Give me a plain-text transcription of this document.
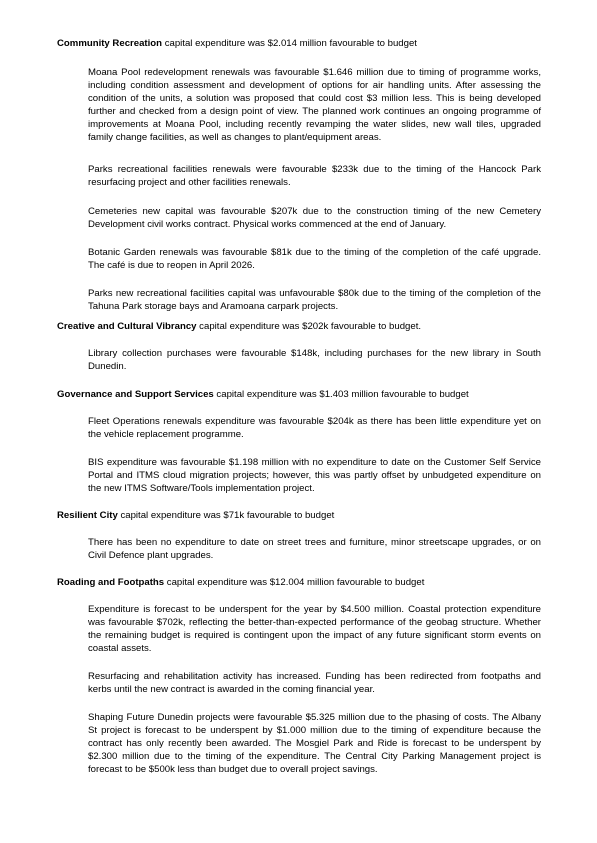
Community Recreation capital expenditure was $2.014 million favourable to budget
Moana Pool redevelopment renewals was favourable $1.646 million due to timing of programme works, including condition assessment and development of options for air handling units. After assessing the condition of the units, a solution was proposed that could cost $3 million less. This is being developed further and checked from a design point of view. The planned work continues an ongoing programme of improvements at Moana Pool, including recently revamping the water slides, new wall tiles, upgraded family change facilities, as well as changes to plant/equipment areas.
Parks recreational facilities renewals were favourable $233k due to the timing of the Hancock Park resurfacing project and other facilities renewals.
Cemeteries new capital was favourable $207k due to the construction timing of the new Cemetery Development civil works contract. Physical works commenced at the end of January.
Botanic Garden renewals was favourable $81k due to the timing of the completion of the café upgrade. The café is due to reopen in April 2026.
Parks new recreational facilities capital was unfavourable $80k due to the timing of the completion of the Tahuna Park storage bays and Aramoana carpark projects.
Creative and Cultural Vibrancy capital expenditure was $202k favourable to budget.
Library collection purchases were favourable $148k, including purchases for the new library in South Dunedin.
Governance and Support Services capital expenditure was $1.403 million favourable to budget
Fleet Operations renewals expenditure was favourable $204k as there has been little expenditure yet on the vehicle replacement programme.
BIS expenditure was favourable $1.198 million with no expenditure to date on the Customer Self Service Portal and ITMS cloud migration projects; however, this was partly offset by unbudgeted expenditure on the new ITMS Software/Tools implementation project.
Resilient City capital expenditure was $71k favourable to budget
There has been no expenditure to date on street trees and furniture, minor streetscape upgrades, or on Civil Defence plant upgrades.
Roading and Footpaths capital expenditure was $12.004 million favourable to budget
Expenditure is forecast to be underspent for the year by $4.500 million. Coastal protection expenditure was favourable $702k, reflecting the better-than-expected performance of the geobag structure. Whether the remaining budget is required is contingent upon the impact of any future significant storm events on coastal assets.
Resurfacing and rehabilitation activity has increased. Funding has been redirected from footpaths and kerbs until the new contract is awarded in the coming financial year.
Shaping Future Dunedin projects were favourable $5.325 million due to the phasing of costs. The Albany St project is forecast to be underspent by $1.000 million due to the timing of expenditure because the contract has only recently been awarded. The Mosgiel Park and Ride is forecast to be underspent by $2.300 million due to the timing of the expenditure. The Central City Parking Management project is forecast to be $500k less than budget due to overall project savings.
